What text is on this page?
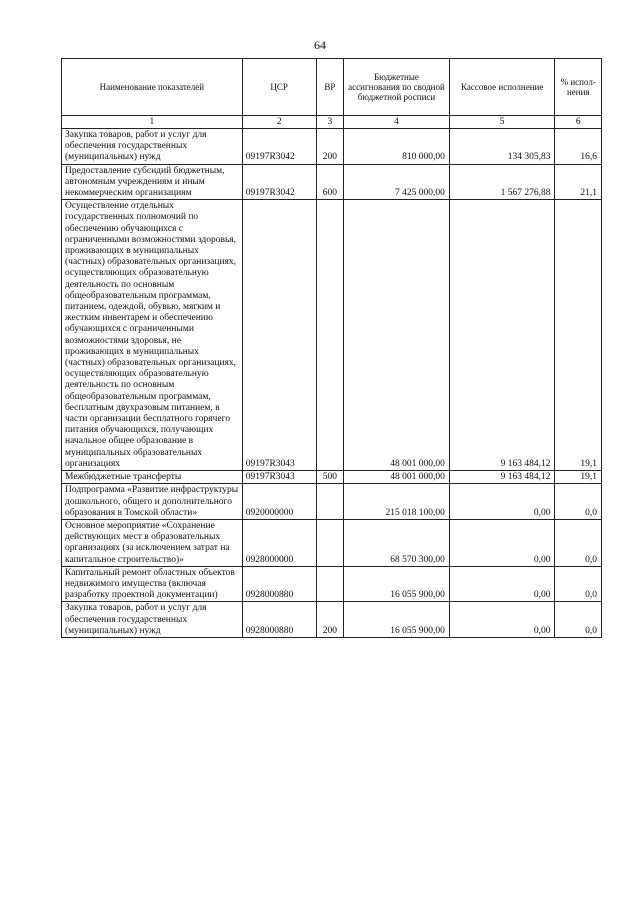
64
Наименование показателей	ЦСР	ВР	Бюджетные ассигнования по сводной бюджетной росписи	Кассовое исполнение	% испол-нения
1	2	3	4	5	6
Закупка товаров, работ и услуг для обеспечения государственных (муниципальных) нужд	09197R3042	200	810 000,00	134 305,83	16,6
Предоставление субсидий бюджетным, автономным учреждениям и иным некоммерческим организациям	09197R3042	600	7 425 000,00	1 567 276,88	21,1
Осуществление отдельных государственных полномочий по обеспечению обучающихся с ограниченными возможностями здоровья, проживающих в муниципальных (частных) образовательных организациях, осуществляющих образовательную деятельность по основным общеобразовательным программам, питанием, одеждой, обувью, мягким и жестким инвентарем и обеспечению обучающихся с ограниченными возможностями здоровья, не проживающих в муниципальных (частных) образовательных организациях, осуществляющих образовательную деятельность по основным общеобразовательным программам, бесплатным двухразовым питанием, в части организации бесплатного горячего питания обучающихся, получающих начальное общее образование в муниципальных образовательных организациях	09197R3043		48 001 000,00	9 163 484,12	19,1
Межбюджетные трансферты	09197R3043	500	48 001 000,00	9 163 484,12	19,1
Подпрограмма «Развитие инфраструктуры дошкольного, общего и дополнительного образования в Томской области»	0920000000		215 018 100,00	0,00	0,0
Основное мероприятие «Сохранение действующих мест в образовательных организациях (за исключением затрат на капитальное строительство)»	0928000000		68 570 300,00	0,00	0,0
Капитальный ремонт областных объектов недвижимого имущества (включая разработку проектной документации)	0928000880		16 055 900,00	0,00	0,0
Закупка товаров, работ и услуг для обеспечения государственных (муниципальных) нужд	0928000880	200	16 055 900,00	0,00	0,0
